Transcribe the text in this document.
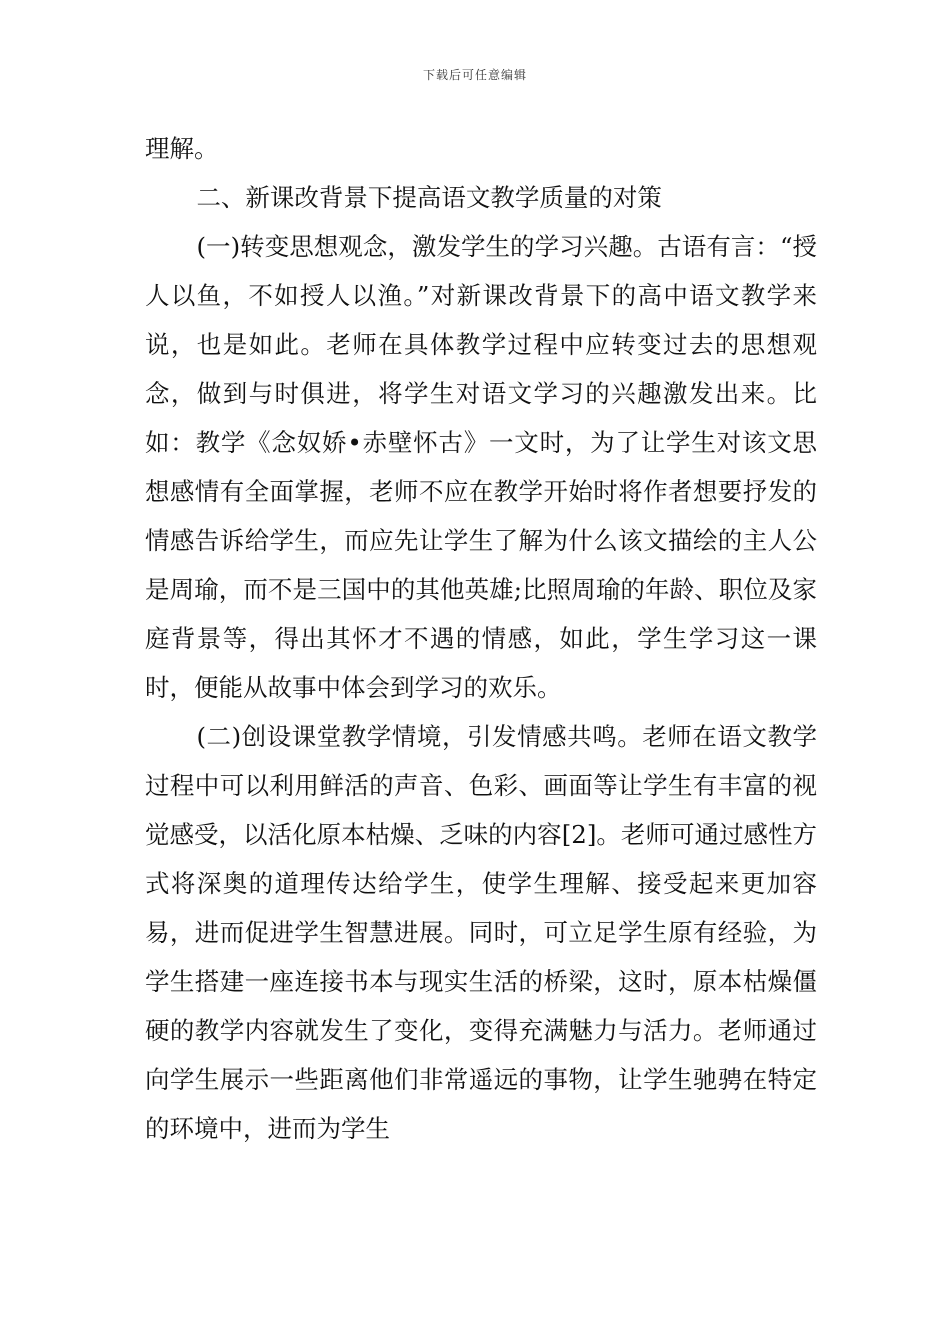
下载后可任意编辑

理解。

二、新课改背景下提高语文教学质量的对策

(一)转变思想观念，激发学生的学习兴趣。古语有言：“授人以鱼，不如授人以渔。”对新课改背景下的高中语文教学来说，也是如此。老师在具体教学过程中应转变过去的思想观念，做到与时俱进，将学生对语文学习的兴趣激发出来。比如：教学《念奴娇•赤壁怀古》一文时，为了让学生对该文思想感情有全面掌握，老师不应在教学开始时将作者想要抒发的情感告诉给学生，而应先让学生了解为什么该文描绘的主人公是周瑜，而不是三国中的其他英雄;比照周瑜的年龄、职位及家庭背景等，得出其怀才不遇的情感，如此，学生学习这一课时，便能从故事中体会到学习的欢乐。

(二)创设课堂教学情境，引发情感共鸣。老师在语文教学过程中可以利用鲜活的声音、色彩、画面等让学生有丰富的视觉感受，以活化原本枯燥、乏味的内容[2]。老师可通过感性方式将深奥的道理传达给学生，使学生理解、接受起来更加容易，进而促进学生智慧进展。同时，可立足学生原有经验，为学生搭建一座连接书本与现实生活的桥梁，这时，原本枯燥僵硬的教学内容就发生了变化，变得充满魅力与活力。老师通过向学生展示一些距离他们非常遥远的事物，让学生驰骋在特定的环境中，进而为学生
